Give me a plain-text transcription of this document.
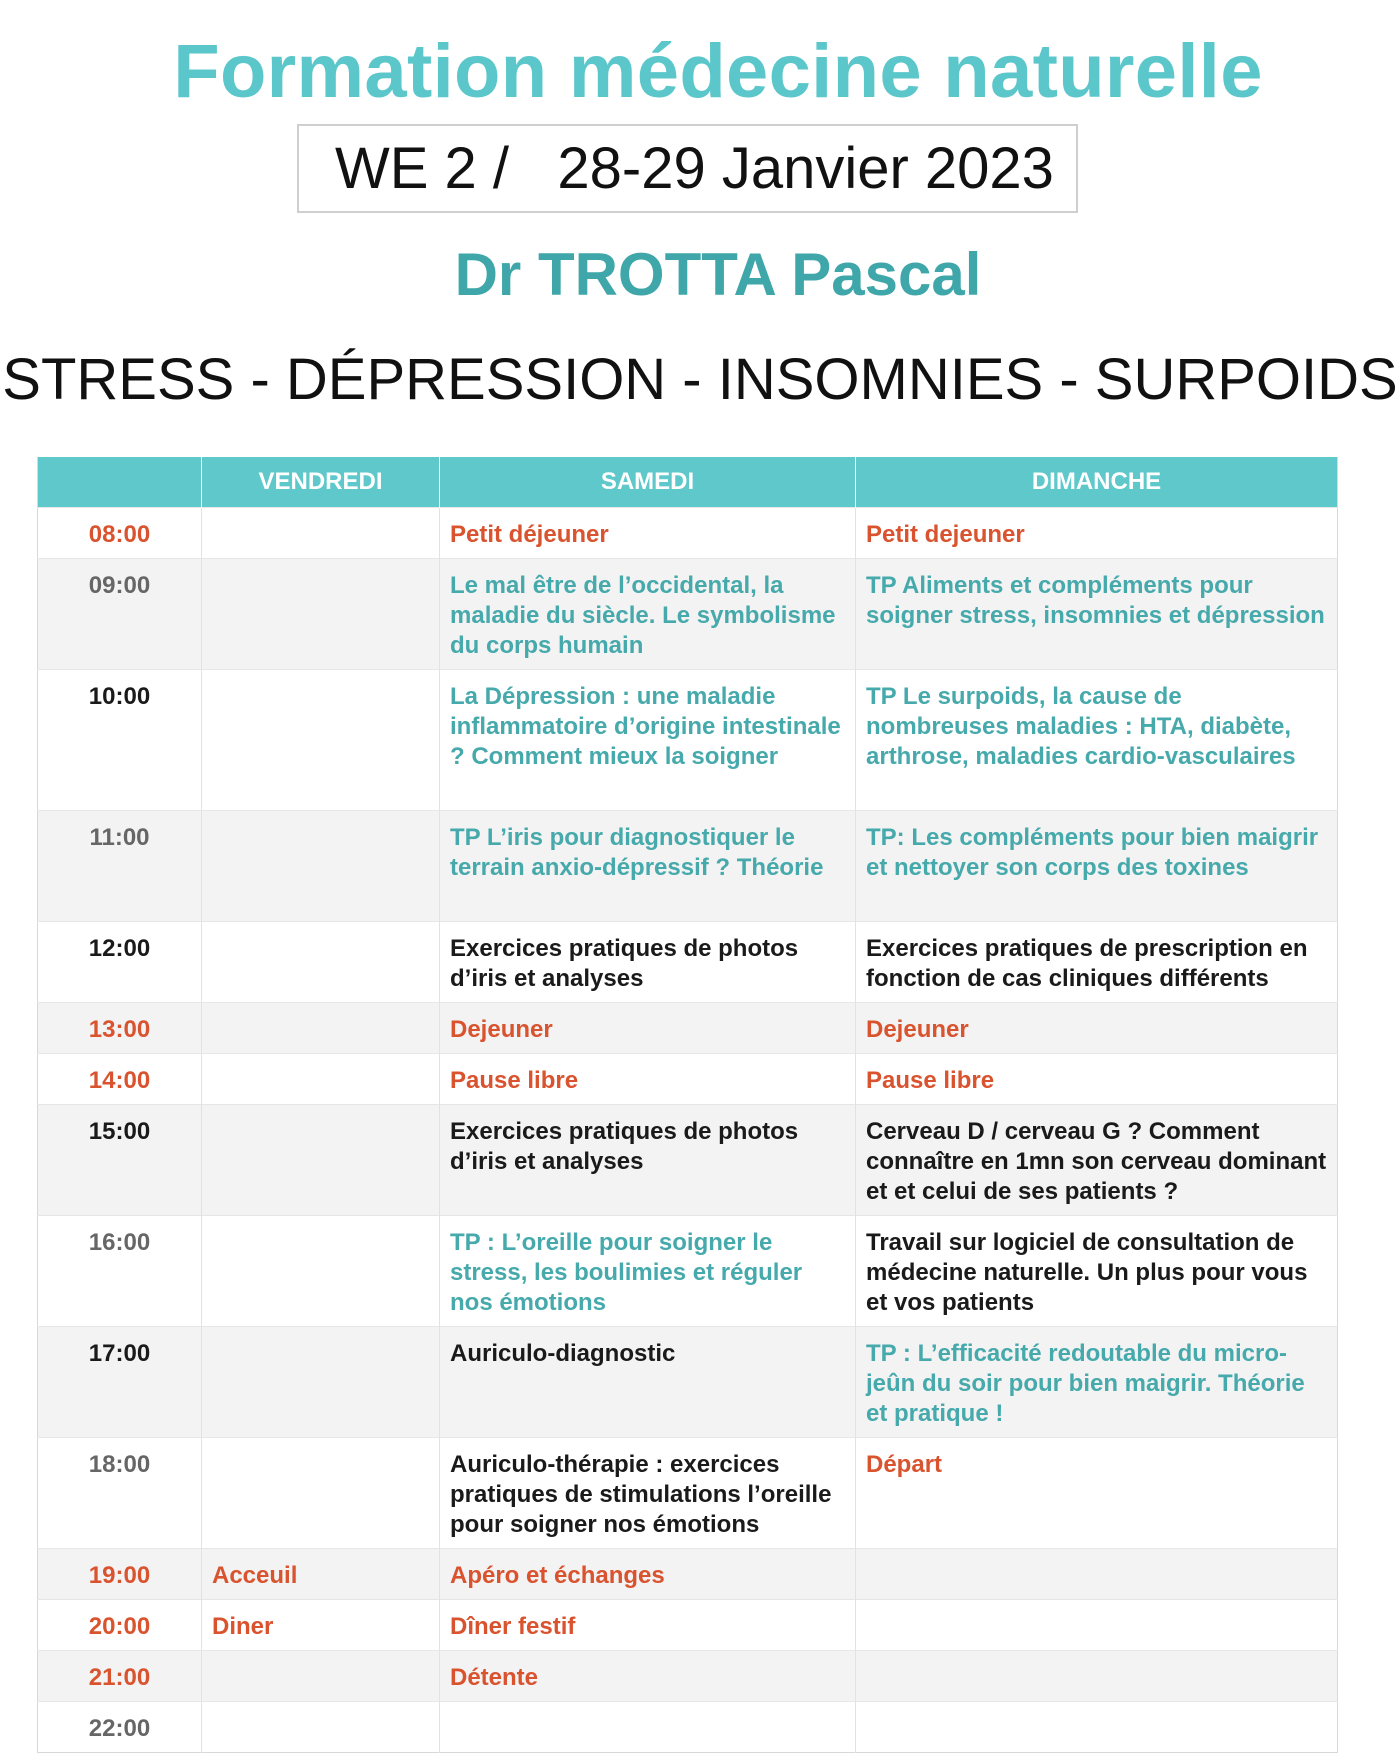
Formation médecine naturelle

WE 2 /   28-29 Janvier 2023

Dr TROTTA Pascal
STRESS - DÉPRESSION - INSOMNIES - SURPOIDS
	VENDREDI	SAMEDI	DIMANCHE
08:00		Petit déjeuner	Petit dejeuner
09:00		Le mal être de l’occidental, la maladie du siècle. Le symbolisme du corps humain	TP Aliments et compléments pour soigner stress, insomnies et dépression
10:00		La Dépression : une maladie inflammatoire d’origine intestinale ? Comment mieux la soigner	TP Le surpoids, la cause de nombreuses maladies : HTA, diabète, arthrose, maladies cardio-vasculaires
11:00		TP L’iris pour diagnostiquer le terrain anxio-dépressif ? Théorie	TP: Les compléments pour bien maigrir et nettoyer son corps des toxines
12:00		Exercices pratiques de photos d’iris et analyses	Exercices pratiques de prescription en fonction de cas cliniques différents
13:00		Dejeuner	Dejeuner
14:00		Pause libre	Pause libre
15:00		Exercices pratiques de photos d’iris et analyses	Cerveau D / cerveau G ? Comment connaître en 1mn son cerveau dominant et et celui de ses patients ?
16:00		TP : L’oreille pour soigner le stress, les boulimies et réguler nos émotions	Travail sur logiciel de consultation de médecine naturelle. Un plus pour vous et vos patients
17:00		Auriculo-diagnostic	TP : L’efficacité redoutable du micro-jeûn du soir pour bien maigrir. Théorie et pratique !
18:00		Auriculo-thérapie : exercices pratiques de stimulations l’oreille pour soigner nos émotions	Départ
19:00	Acceuil	Apéro et échanges	
20:00	Diner	Dîner festif	
21:00		Détente	
22:00			
